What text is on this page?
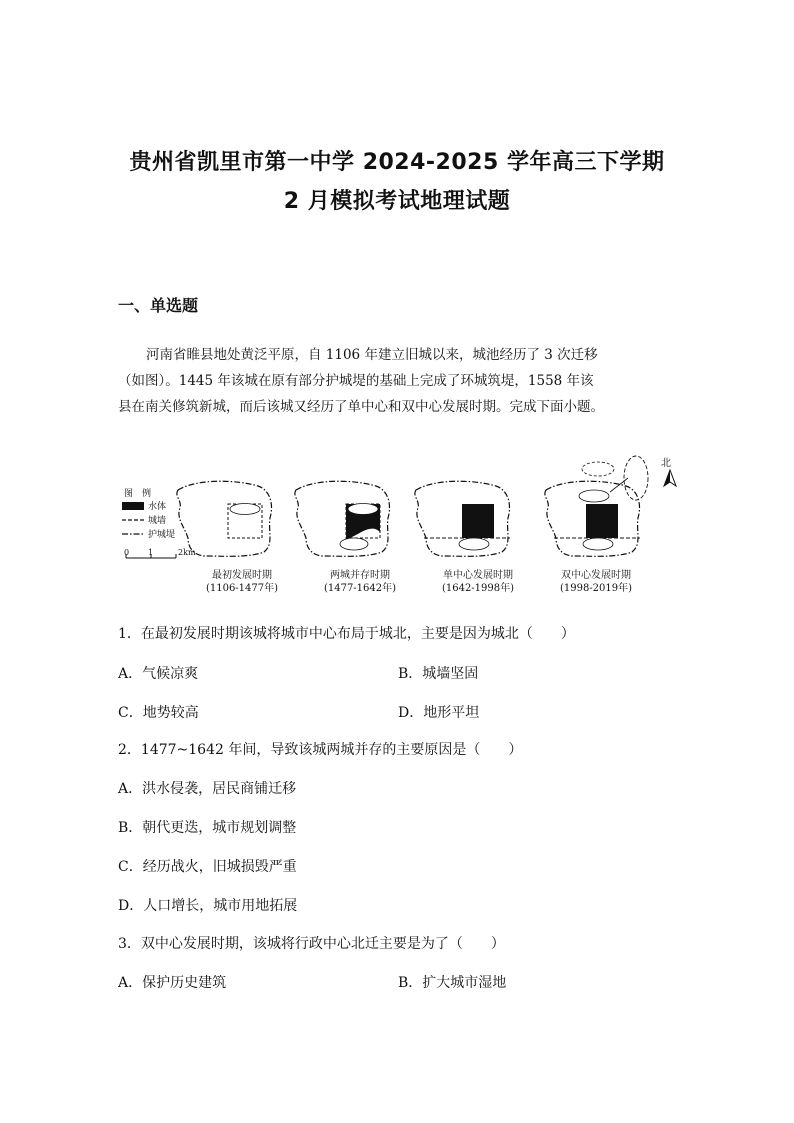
贵州省凯里市第一中学 2024-2025 学年高三下学期
2 月模拟考试地理试题
一、单选题
河南省睢县地处黄泛平原，自 1106 年建立旧城以来，城池经历了 3 次迁移
（如图）。1445 年该城在原有部分护城堤的基础上完成了环城筑堤，1558 年该
县在南关修筑新城，而后该城又经历了单中心和双中心发展时期。完成下面小题。
图　例
水体
城墙
护城堤
0 1	2km
最初发展时期
(1106-1477年)
两城并存时期
(1477-1642年)
单中心发展时期
(1642-1998年)
双中心发展时期
(1998-2019年)
北
1．在最初发展时期该城将城市中心布局于城北，主要是因为城北（　　）
A．气候凉爽	B．城墙坚固
C．地势较高	D．地形平坦
2．1477~1642 年间，导致该城两城并存的主要原因是（　　）
A．洪水侵袭，居民商铺迁移
B．朝代更迭，城市规划调整
C．经历战火，旧城损毁严重
D．人口增长，城市用地拓展
3．双中心发展时期，该城将行政中心北迁主要是为了（　　）
A．保护历史建筑	B．扩大城市湿地
